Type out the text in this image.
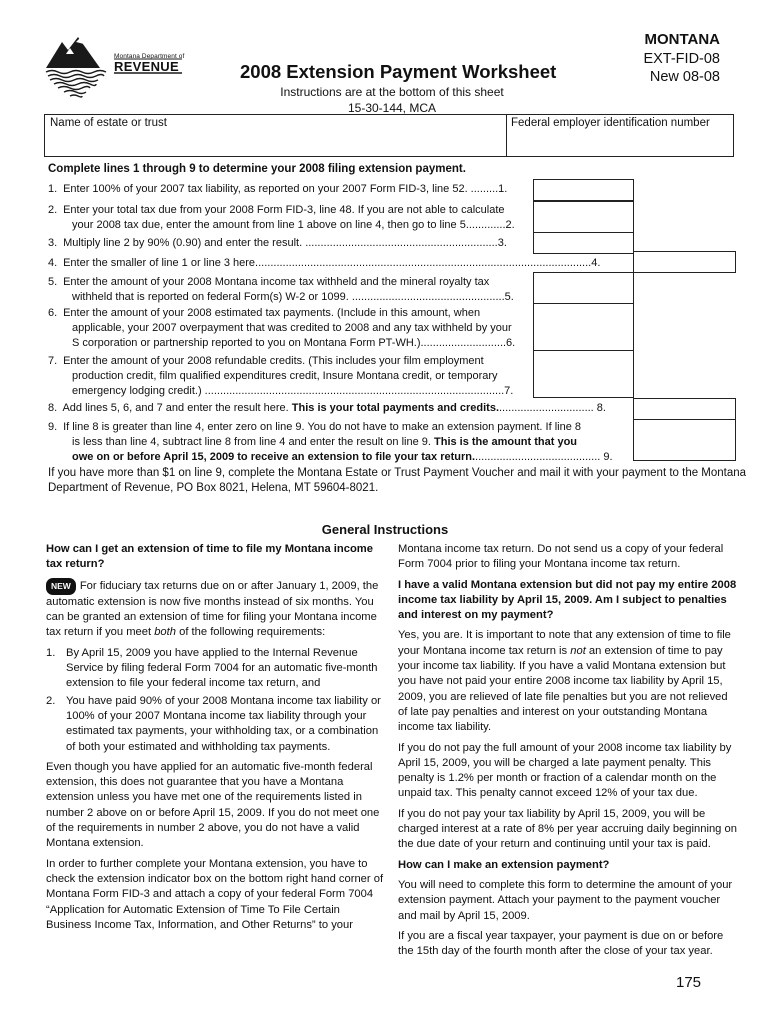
Montana Department of
REVENUE	2008 Extension Payment Worksheet
Instructions are at the bottom of this sheet
15-30-144, MCA
MONTANA
EXT-FID-08
New 08-08
Name of estate or trust	Federal employer identification number
Complete lines 1 through 9 to determine your 2008 filing extension payment.
1. Enter 100% of your 2007 tax liability, as reported on your 2007 Form FID-3, line 52. .........1.
2. Enter your total tax due from your 2008 Form FID-3, line 48. If you are not able to calculate
your 2008 tax due, enter the amount from line 1 above on line 4, then go to line 5.............2.
3. Multiply line 2 by 90% (0.90) and enter the result. ...............................................................3.
4. Enter the smaller of line 1 or line 3 here..............................................................................................................4.
5. Enter the amount of your 2008 Montana income tax withheld and the mineral royalty tax
withheld that is reported on federal Form(s) W-2 or 1099. ..................................................5.
6. Enter the amount of your 2008 estimated tax payments. (Include in this amount, when
applicable, your 2007 overpayment that was credited to 2008 and any tax withheld by your
S corporation or partnership reported to you on Montana Form PT-WH.)............................6.
7. Enter the amount of your 2008 refundable credits. (This includes your film employment
production credit, film qualified expenditures credit, Insure Montana credit, or temporary
emergency lodging credit.) ..................................................................................................7.
8. Add lines 5, 6, and 7 and enter the result here. This is your total payments and credits................................ 8.
9. If line 8 is greater than line 4, enter zero on line 9. You do not have to make an extension payment. If line 8
is less than line 4, subtract line 8 from line 4 and enter the result on line 9. This is the amount that you
owe on or before April 15, 2009 to receive an extension to file your tax return.......................................... 9.
If you have more than $1 on line 9, complete the Montana Estate or Trust Payment Voucher and mail it with your payment to the Montana Department of Revenue, PO Box 8021, Helena, MT 59604-8021.
General Instructions

How can I get an extension of time to file my Montana income tax return?

NEW For fiduciary tax returns due on or after January 1, 2009, the automatic extension is now five months instead of six months. You can be granted an extension of time for filing your Montana income tax return if you meet both of the following requirements:

1. By April 15, 2009 you have applied to the Internal Revenue Service by filing federal Form 7004 for an automatic five-month extension to file your federal income tax return, and
2. You have paid 90% of your 2008 Montana income tax liability or 100% of your 2007 Montana income tax liability through your estimated tax payments, your withholding tax, or a combination of both your estimated and withholding tax payments.

Even though you have applied for an automatic five-month federal extension, this does not guarantee that you have a Montana extension unless you have met one of the requirements listed in number 2 above on or before April 15, 2009. If you do not meet one of the requirements in number 2 above, you do not have a valid Montana extension.

In order to further complete your Montana extension, you have to check the extension indicator box on the bottom right hand corner of Montana Form FID-3 and attach a copy of your federal Form 7004 “Application for Automatic Extension of Time To File Certain Business Income Tax, Information, and Other Returns” to your

Montana income tax return. Do not send us a copy of your federal Form 7004 prior to filing your Montana income tax return.

I have a valid Montana extension but did not pay my entire 2008 income tax liability by April 15, 2009. Am I subject to penalties and interest on my payment?

Yes, you are. It is important to note that any extension of time to file your Montana income tax return is not an extension of time to pay your income tax liability. If you have a valid Montana extension but you have not paid your entire 2008 income tax liability by April 15, 2009, you are relieved of late file penalties but you are not relieved of late pay penalties and interest on your outstanding Montana income tax liability.

If you do not pay the full amount of your 2008 income tax liability by April 15, 2009, you will be charged a late payment penalty. This penalty is 1.2% per month or fraction of a calendar month on the unpaid tax. This penalty cannot exceed 12% of your tax due.

If you do not pay your tax liability by April 15, 2009, you will be charged interest at a rate of 8% per year accruing daily beginning on the due date of your return and continuing until your tax is paid.

How can I make an extension payment?

You will need to complete this form to determine the amount of your extension payment. Attach your payment to the payment voucher and mail by April 15, 2009.

If you are a fiscal year taxpayer, your payment is due on or before the 15th day of the fourth month after the close of your tax year.

175
